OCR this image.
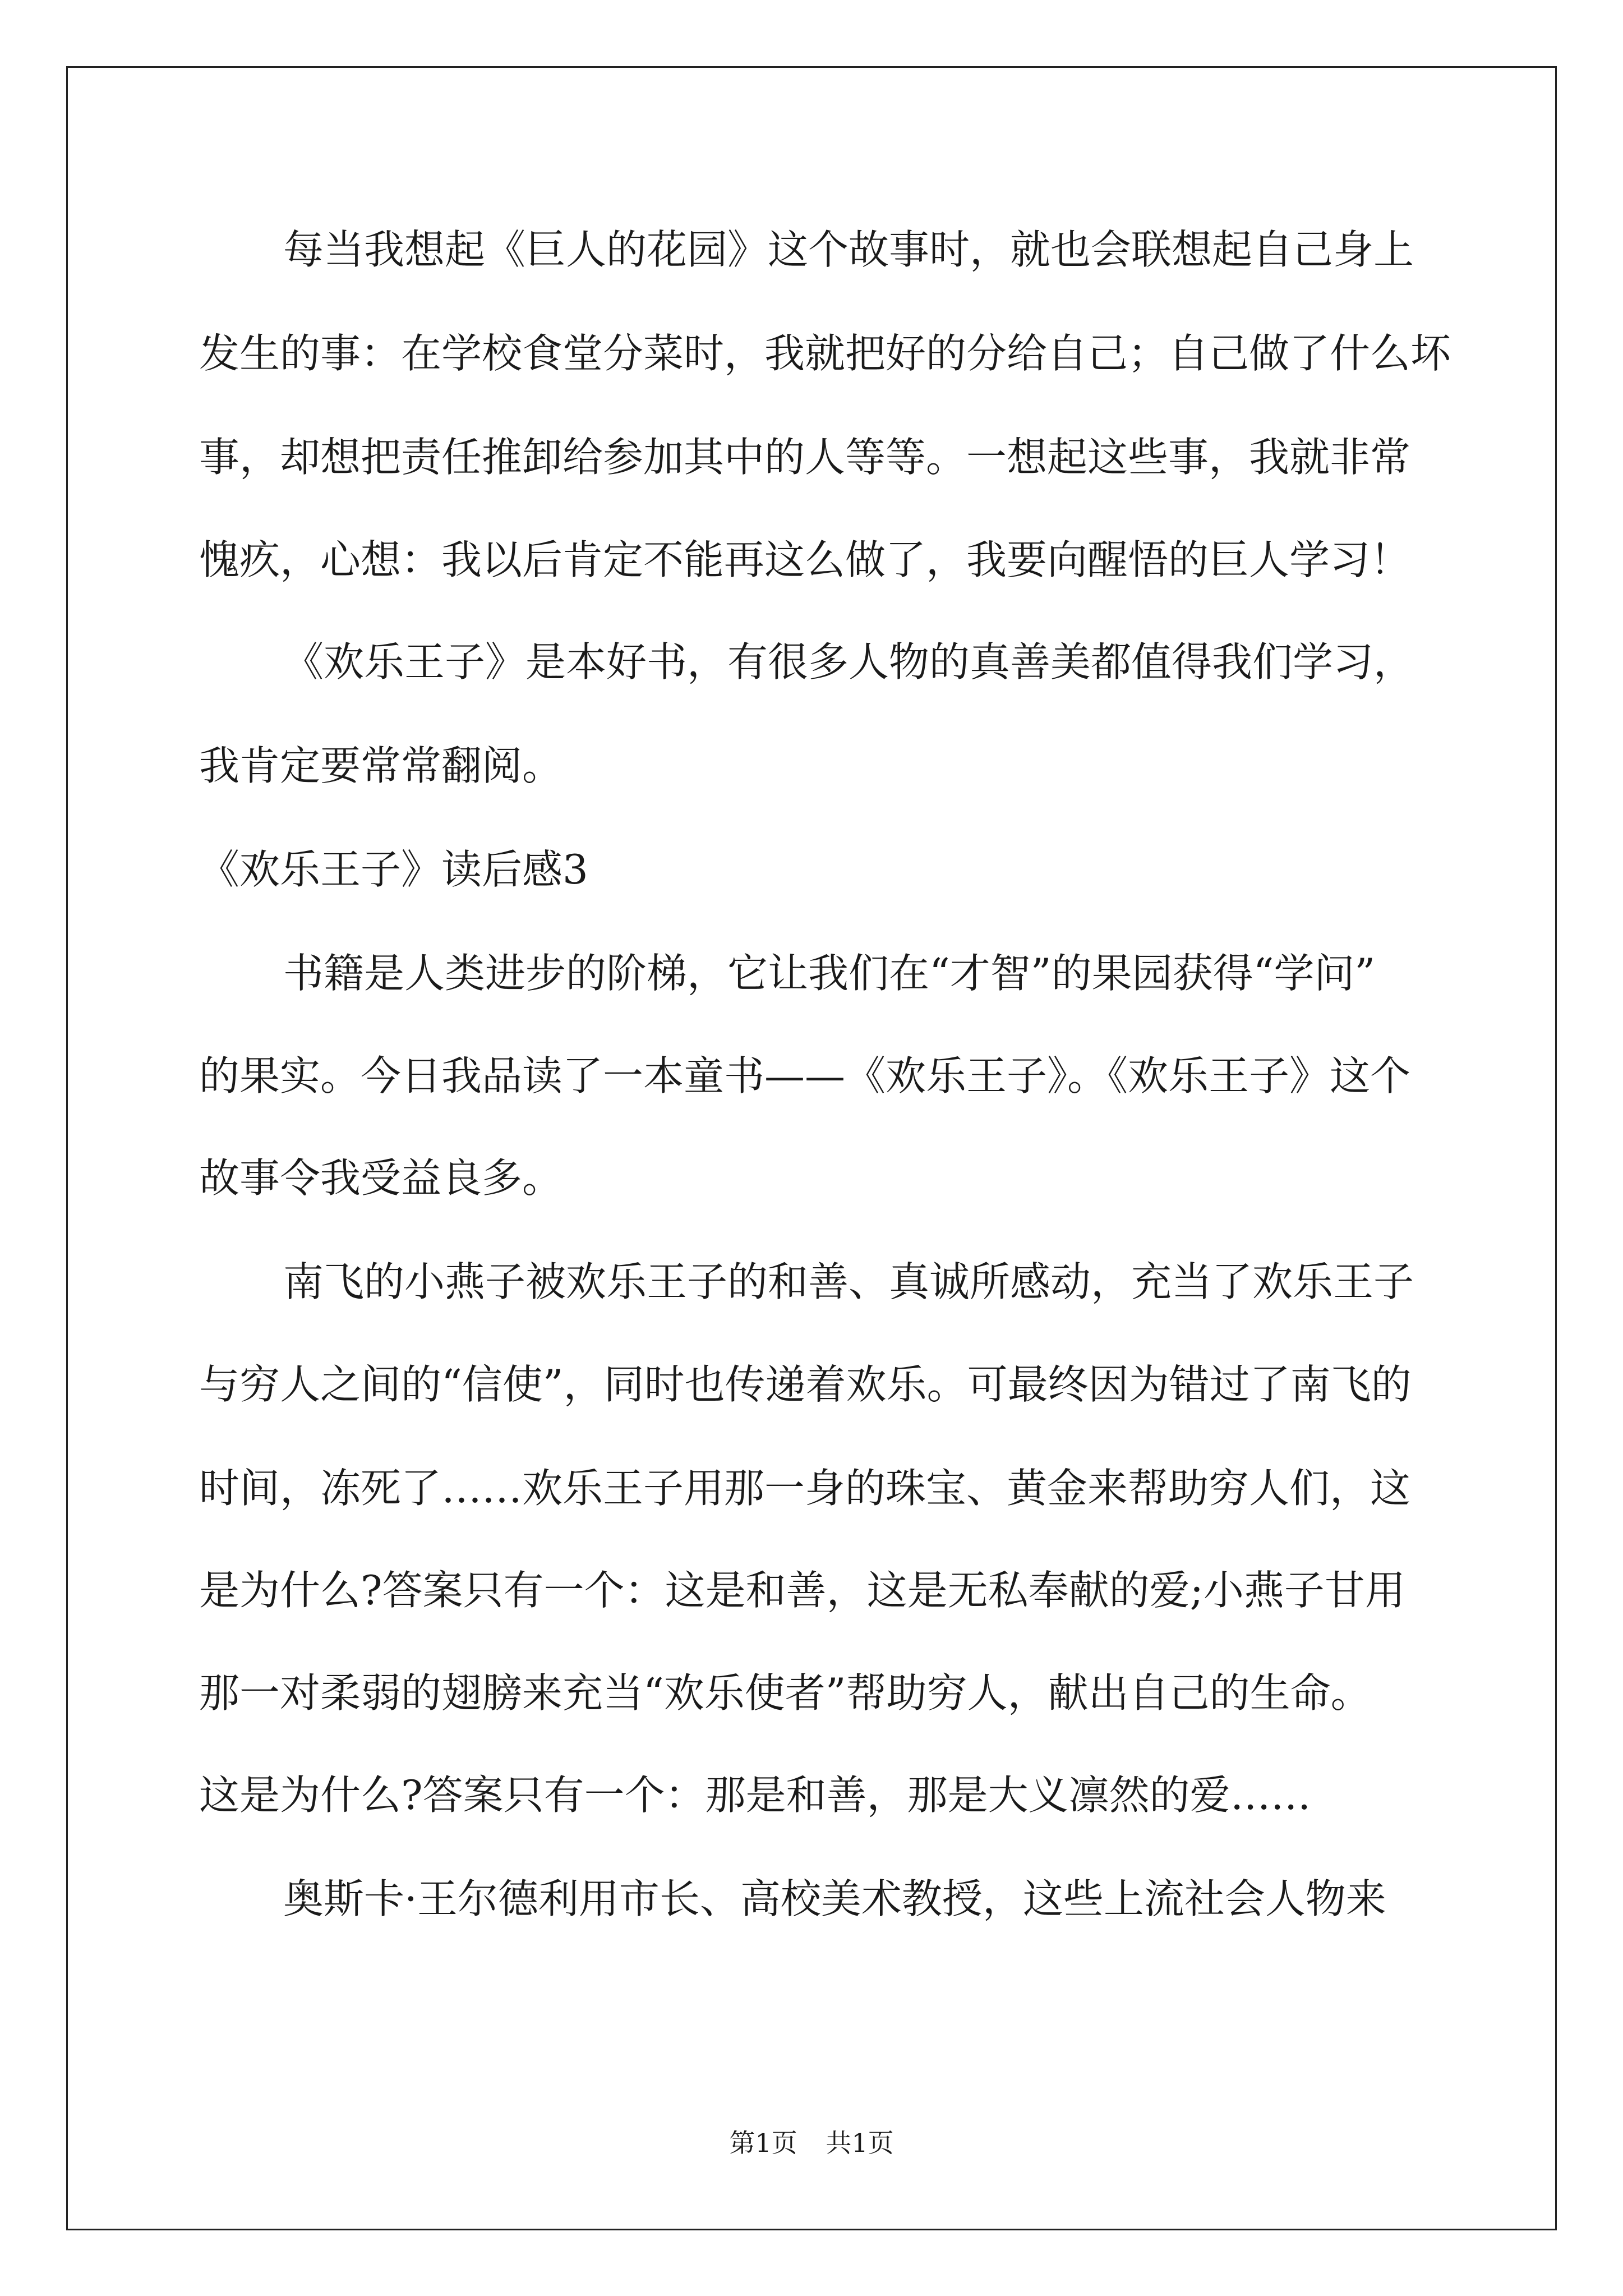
每当我想起《巨人的花园》这个故事时，就也会联想起自己身上
发生的事：在学校食堂分菜时，我就把好的分给自己；自己做了什么坏
事，却想把责任推卸给参加其中的人等等。一想起这些事，我就非常
愧疚，心想：我以后肯定不能再这么做了，我要向醒悟的巨人学习！
《欢乐王子》是本好书，有很多人物的真善美都值得我们学习，
我肯定要常常翻阅。
《欢乐王子》读后感3
书籍是人类进步的阶梯，它让我们在“才智”的果园获得“学问”
的果实。今日我品读了一本童书——《欢乐王子》。《欢乐王子》这个
故事令我受益良多。
南飞的小燕子被欢乐王子的和善、真诚所感动，充当了欢乐王子
与穷人之间的“信使”，同时也传递着欢乐。可最终因为错过了南飞的
时间，冻死了……欢乐王子用那一身的珠宝、黄金来帮助穷人们，这
是为什么?答案只有一个：这是和善，这是无私奉献的爱;小燕子甘用
那一对柔弱的翅膀来充当“欢乐使者”帮助穷人，献出自己的生命。
这是为什么?答案只有一个：那是和善，那是大义凛然的爱……
奥斯卡·王尔德利用市长、高校美术教授，这些上流社会人物来
第1页 共1页
